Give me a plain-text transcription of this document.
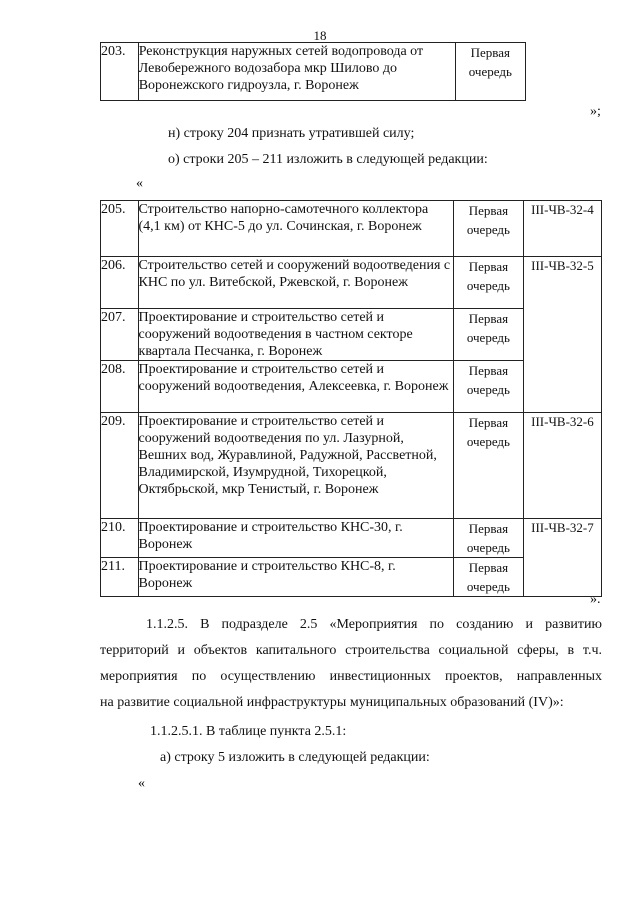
18
203.	Реконструкция наружных сетей водопровода от Левобережного водозабора мкр Шилово до Воронежского гидроузла, г. Воронеж	Первая очередь
»;
н) строку 204 признать утратившей силу;
о) строки 205 – 211 изложить в следующей редакции:
«
205.	Строительство напорно-самотечного коллектора (4,1 км) от КНС-5 до ул. Сочинская, г. Воронеж	Первая очередь	III-ЧВ-32-4
206.	Строительство сетей и сооружений водоотведения с КНС по ул. Витебской, Ржевской, г. Воронеж	Первая очередь	III-ЧВ-32-5
207.	Проектирование и строительство сетей и сооружений водоотведения в частном секторе квартала Песчанка, г. Воронеж	Первая очередь	
208.	Проектирование и строительство сетей и сооружений водоотведения, Алексеевка, г. Воронеж	Первая очередь	
209.	Проектирование и строительство сетей и сооружений водоотведения по ул. Лазурной, Вешних вод, Журавлиной, Радужной, Рассветной, Владимирской, Изумрудной, Тихорецкой, Октябрьской, мкр Тенистый, г. Воронеж	Первая очередь	III-ЧВ-32-6
210.	Проектирование и строительство КНС-30, г. Воронеж	Первая очередь	III-ЧВ-32-7
211.	Проектирование и строительство КНС-8, г. Воронеж	Первая очередь	
».
1.1.2.5. В подразделе 2.5 «Мероприятия по созданию и развитию
территорий и объектов капитального строительства социальной сферы, в т.ч.
мероприятия по осуществлению инвестиционных проектов, направленных
на развитие социальной инфраструктуры муниципальных образований (IV)»:
1.1.2.5.1. В таблице пункта 2.5.1:
а) строку 5 изложить в следующей редакции:
«
